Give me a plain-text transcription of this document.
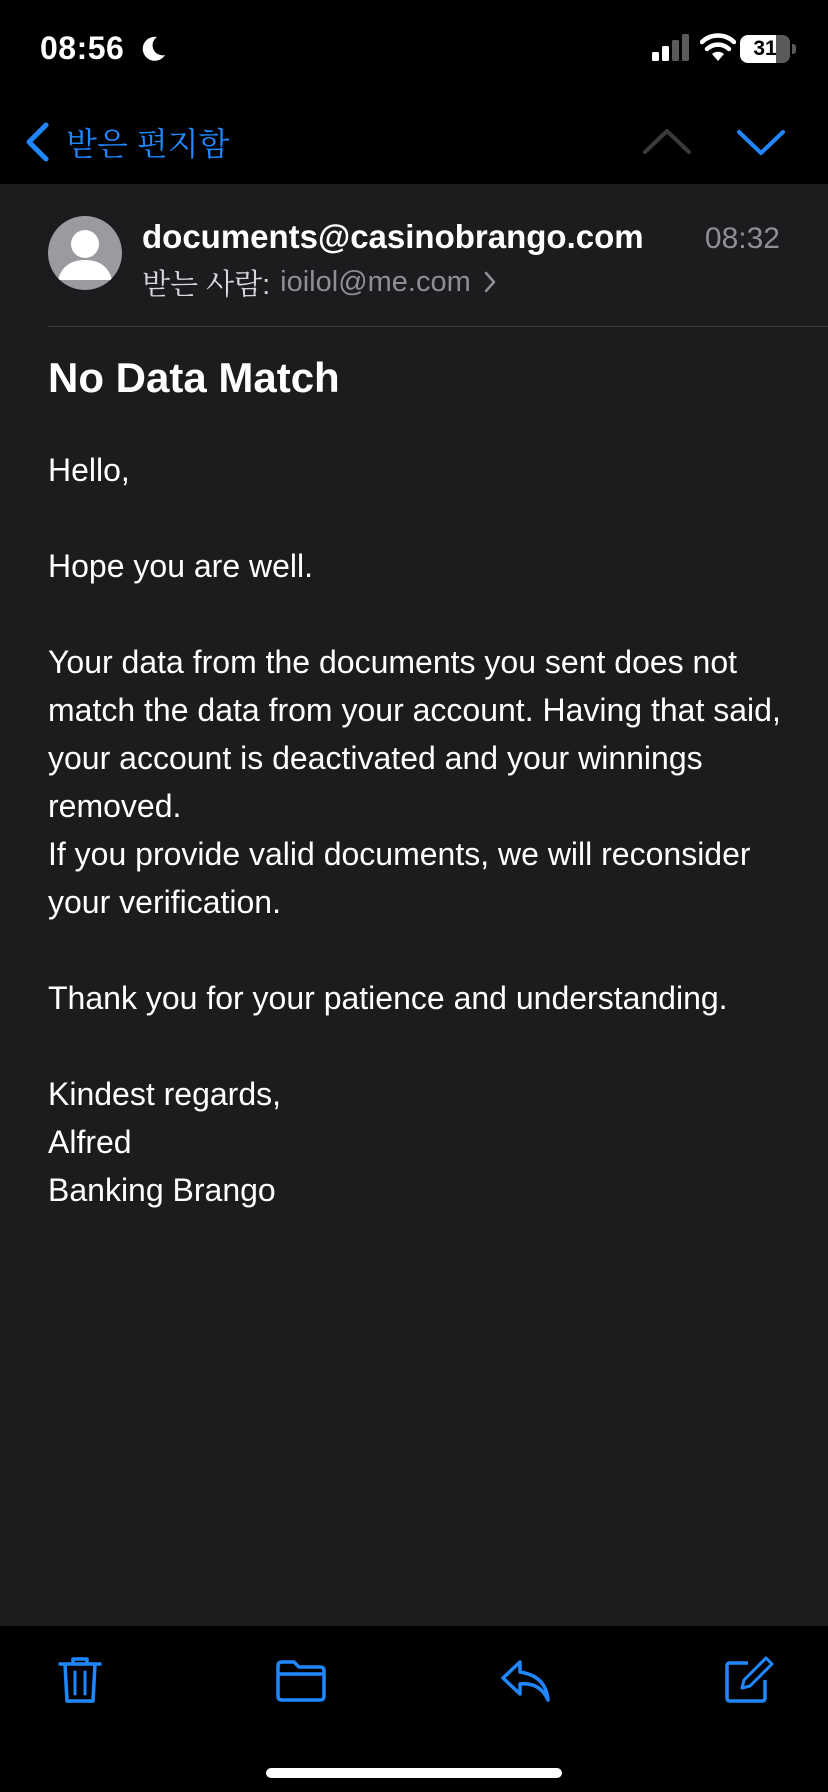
08:56	31
받은 편지함
documents@casinobrango.com 08:32
받는 사람: ioilol@me.com
No Data Match

Hello,

Hope you are well.

Your data from the documents you sent does not match the data from your account. Having that said, your account is deactivated and your winnings removed.

If you provide valid documents, we will reconsider your verification.

Thank you for your patience and understanding.

Kindest regards,

Alfred

Banking Brango
